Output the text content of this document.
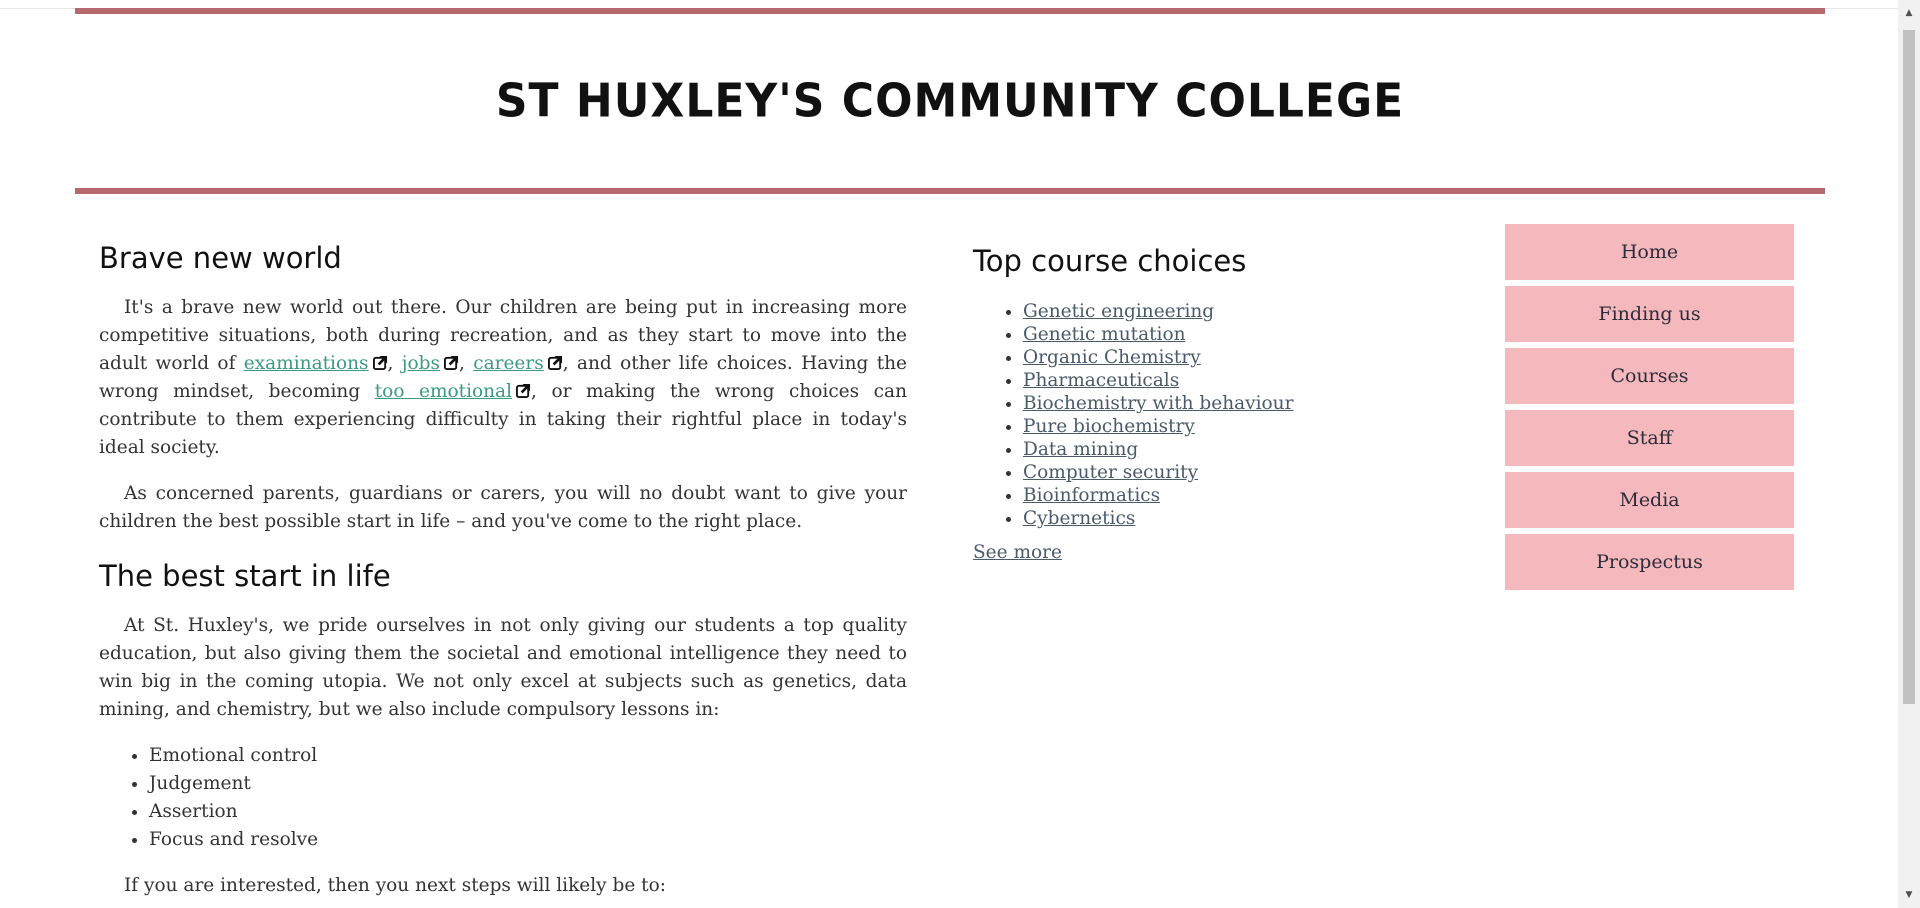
ST HUXLEY'S COMMUNITY COLLEGE
Brave new world

It's a brave new world out there. Our children are being put in increasing more competitive situations, both during recreation, and as they start to move into the adult world of examinations , jobs , careers , and other life choices. Having the wrong mindset, becoming too emotional , or making the wrong choices can contribute to them experiencing difficulty in taking their rightful place in today's ideal society.

As concerned parents, guardians or carers, you will no doubt want to give your children the best possible start in life – and you've come to the right place.

The best start in life

At St. Huxley's, we pride ourselves in not only giving our students a top quality education, but also giving them the societal and emotional intelligence they need to win big in the coming utopia. We not only excel at subjects such as genetics, data mining, and chemistry, but we also include compulsory lessons in:

• Emotional control
• Judgement
• Assertion
• Focus and resolve

If you are interested, then you next steps will likely be to:

Top course choices
• Genetic engineering
• Genetic mutation
• Organic Chemistry
• Pharmaceuticals
• Biochemistry with behaviour
• Pure biochemistry
• Data mining
• Computer security
• Bioinformatics
• Cybernetics
See more
Home
Finding us
Courses
Staff
Media
Prospectus
▲
▼
